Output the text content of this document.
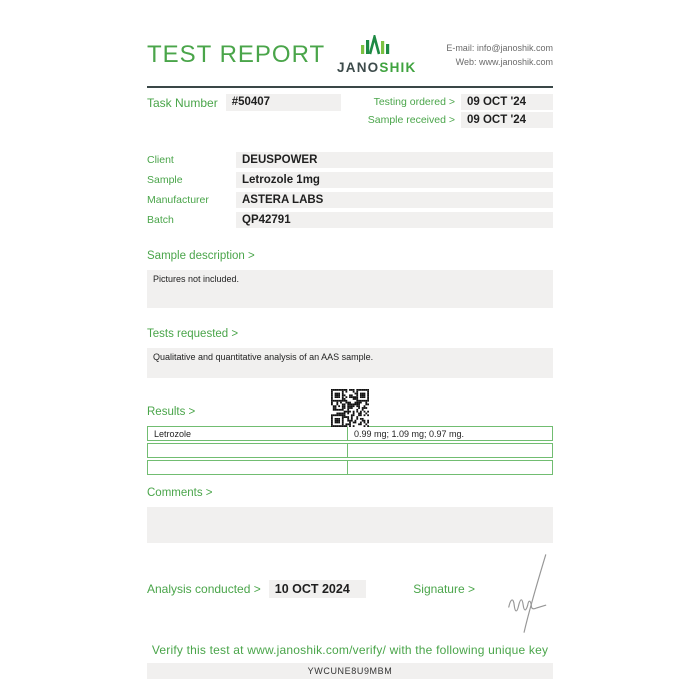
TEST REPORT JANOSHIK
E-mail: info@janoshik.com
Web: www.janoshik.com
Task Number	#50407	Testing ordered >	09 OCT '24
Sample received >	09 OCT '24
Client	DEUSPOWER
Sample	Letrozole 1mg
Manufacturer	ASTERA LABS
Batch	QP42791
Sample description >
Pictures not included.
Tests requested >
Qualitative and quantitative analysis of an AAS sample.
Results >
Letrozole	0.99 mg; 1.09 mg; 0.97 mg.
Comments >
Analysis conducted >	10 OCT 2024	Signature >
Verify this test at www.janoshik.com/verify/ with the following unique key
YWCUNE8U9MBM
